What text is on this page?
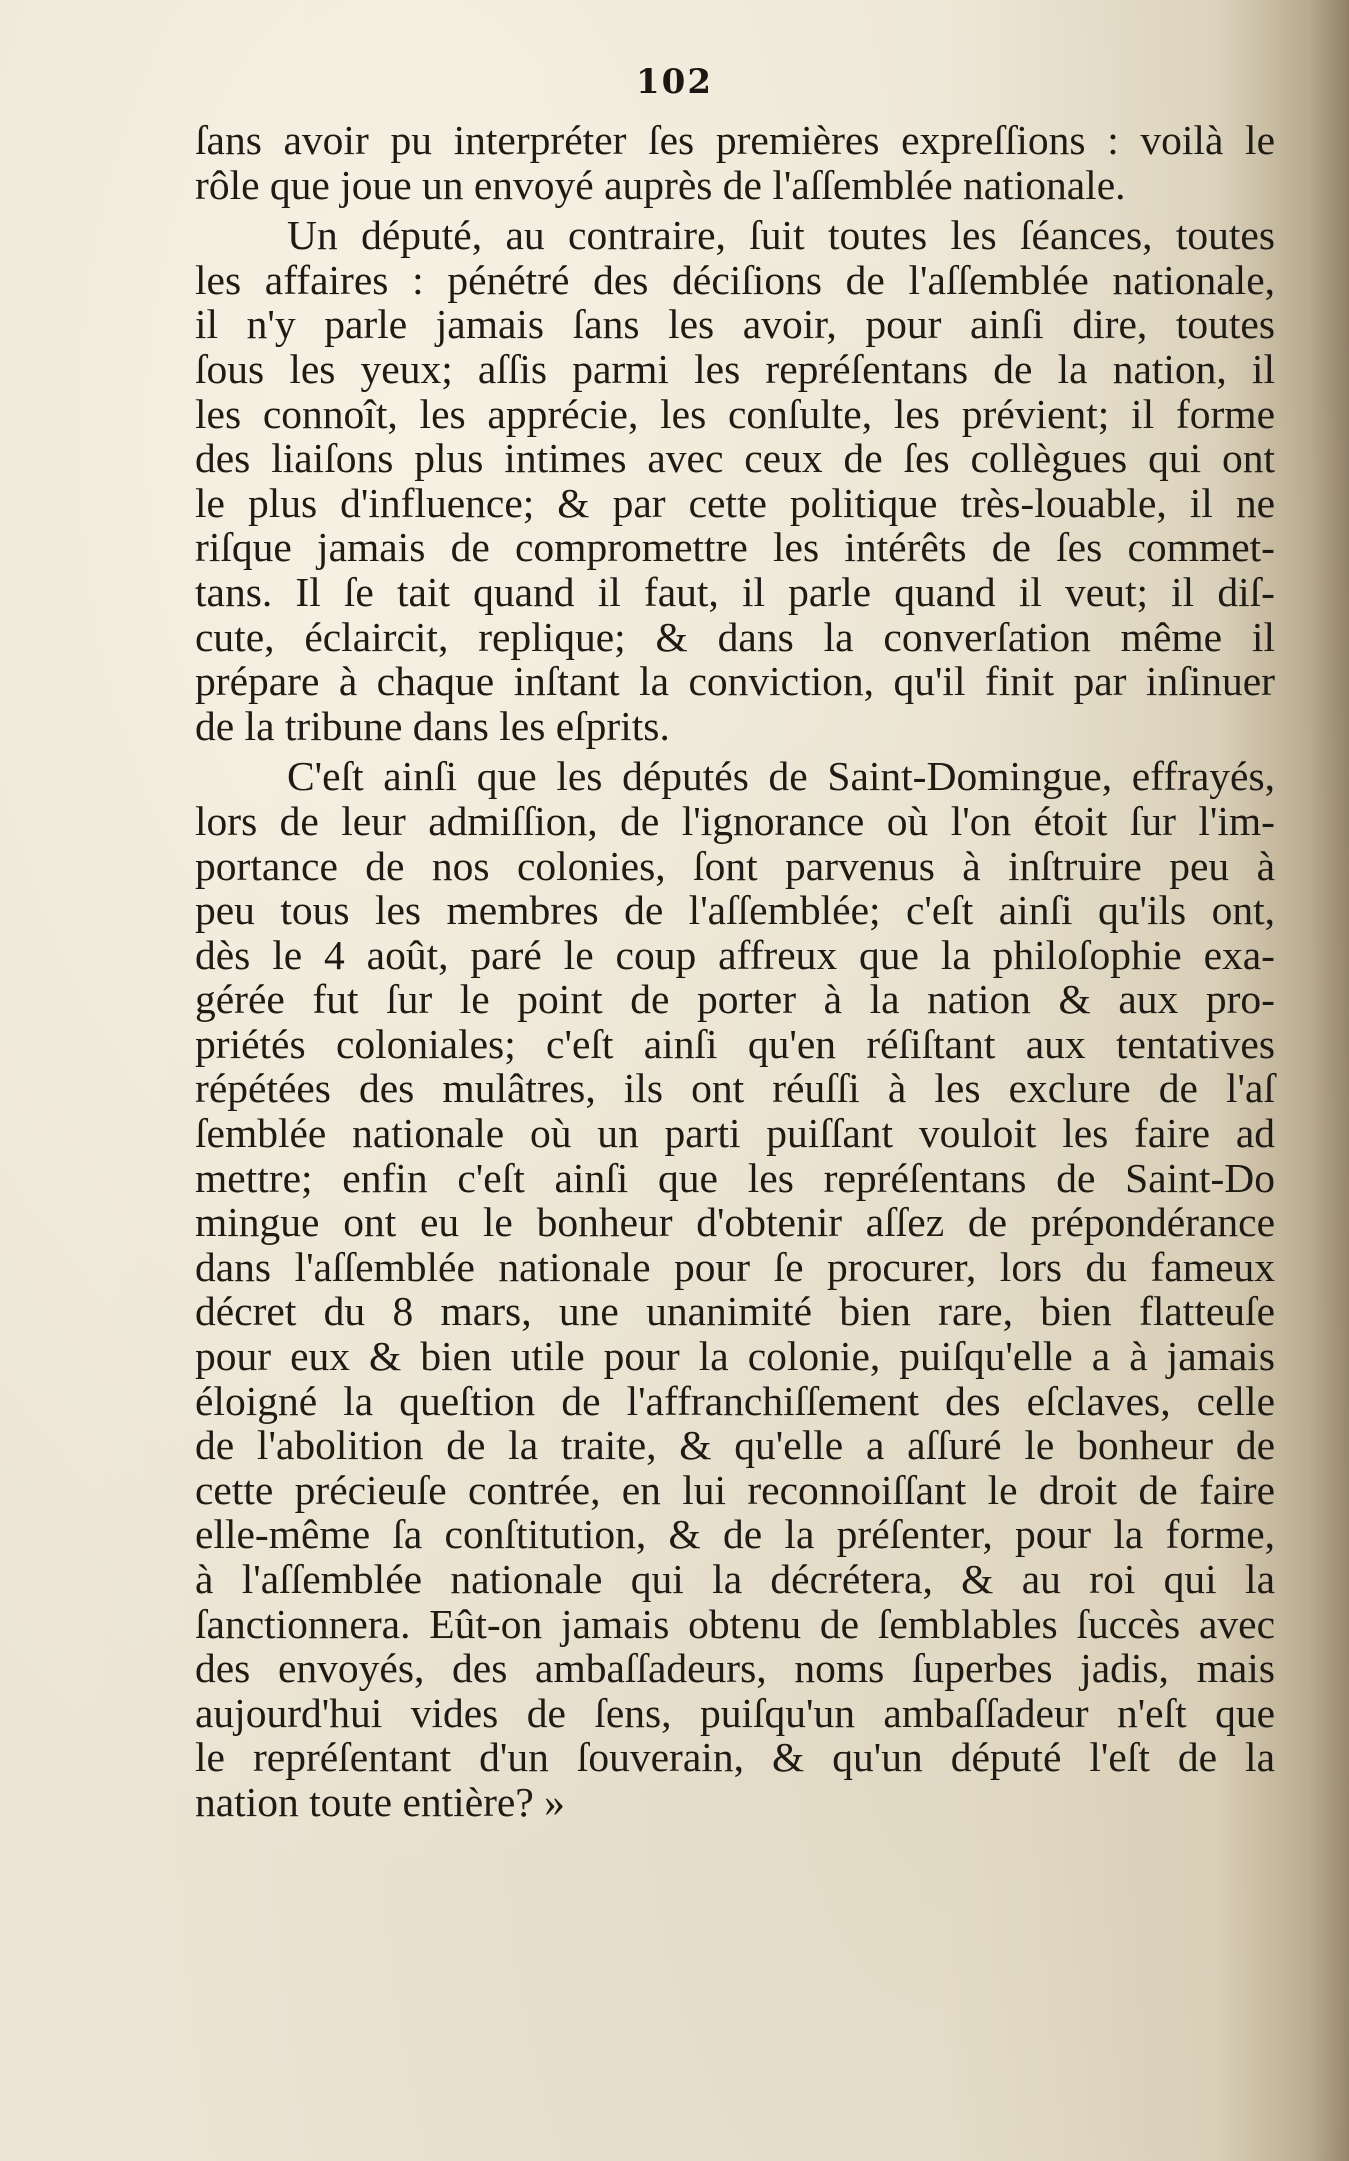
102
ſans avoir pu interpréter ſes premières expreſſions : voilà le
rôle que joue un envoyé auprès de l'aſſemblée nationale.
Un député, au contraire, ſuit toutes les ſéances, toutes
les affaires : pénétré des déciſions de l'aſſemblée nationale,
il n'y parle jamais ſans les avoir, pour ainſi dire, toutes
ſous les yeux; aſſis parmi les repréſentans de la nation, il
les connoît, les apprécie, les conſulte, les prévient; il forme
des liaiſons plus intimes avec ceux de ſes collègues qui ont
le plus d'influence; & par cette politique très-louable, il ne
riſque jamais de compromettre les intérêts de ſes commet-
tans. Il ſe tait quand il faut, il parle quand il veut; il diſ-
cute, éclaircit, replique; & dans la converſation même il
prépare à chaque inſtant la conviction, qu'il finit par inſinuer
de la tribune dans les eſprits.
C'eſt ainſi que les députés de Saint-Domingue, effrayés,
lors de leur admiſſion, de l'ignorance où l'on étoit ſur l'im-
portance de nos colonies, ſont parvenus à inſtruire peu à
peu tous les membres de l'aſſemblée; c'eſt ainſi qu'ils ont,
dès le 4 août, paré le coup affreux que la philoſophie exa-
gérée fut ſur le point de porter à la nation & aux pro-
priétés coloniales; c'eſt ainſi qu'en réſiſtant aux tentatives
répétées des mulâtres, ils ont réuſſi à les exclure de l'aſ
ſemblée nationale où un parti puiſſant vouloit les faire ad
mettre; enfin c'eſt ainſi que les repréſentans de Saint-Do
mingue ont eu le bonheur d'obtenir aſſez de prépondérance
dans l'aſſemblée nationale pour ſe procurer, lors du fameux
décret du 8 mars, une unanimité bien rare, bien flatteuſe
pour eux & bien utile pour la colonie, puiſqu'elle a à jamais
éloigné la queſtion de l'affranchiſſement des eſclaves, celle
de l'abolition de la traite, & qu'elle a aſſuré le bonheur de
cette précieuſe contrée, en lui reconnoiſſant le droit de faire
elle-même ſa conſtitution, & de la préſenter, pour la forme,
à l'aſſemblée nationale qui la décrétera, & au roi qui la
ſanctionnera. Eût-on jamais obtenu de ſemblables ſuccès avec
des envoyés, des ambaſſadeurs, noms ſuperbes jadis, mais
aujourd'hui vides de ſens, puiſqu'un ambaſſadeur n'eſt que
le repréſentant d'un ſouverain, & qu'un député l'eſt de la
nation toute entière? »
